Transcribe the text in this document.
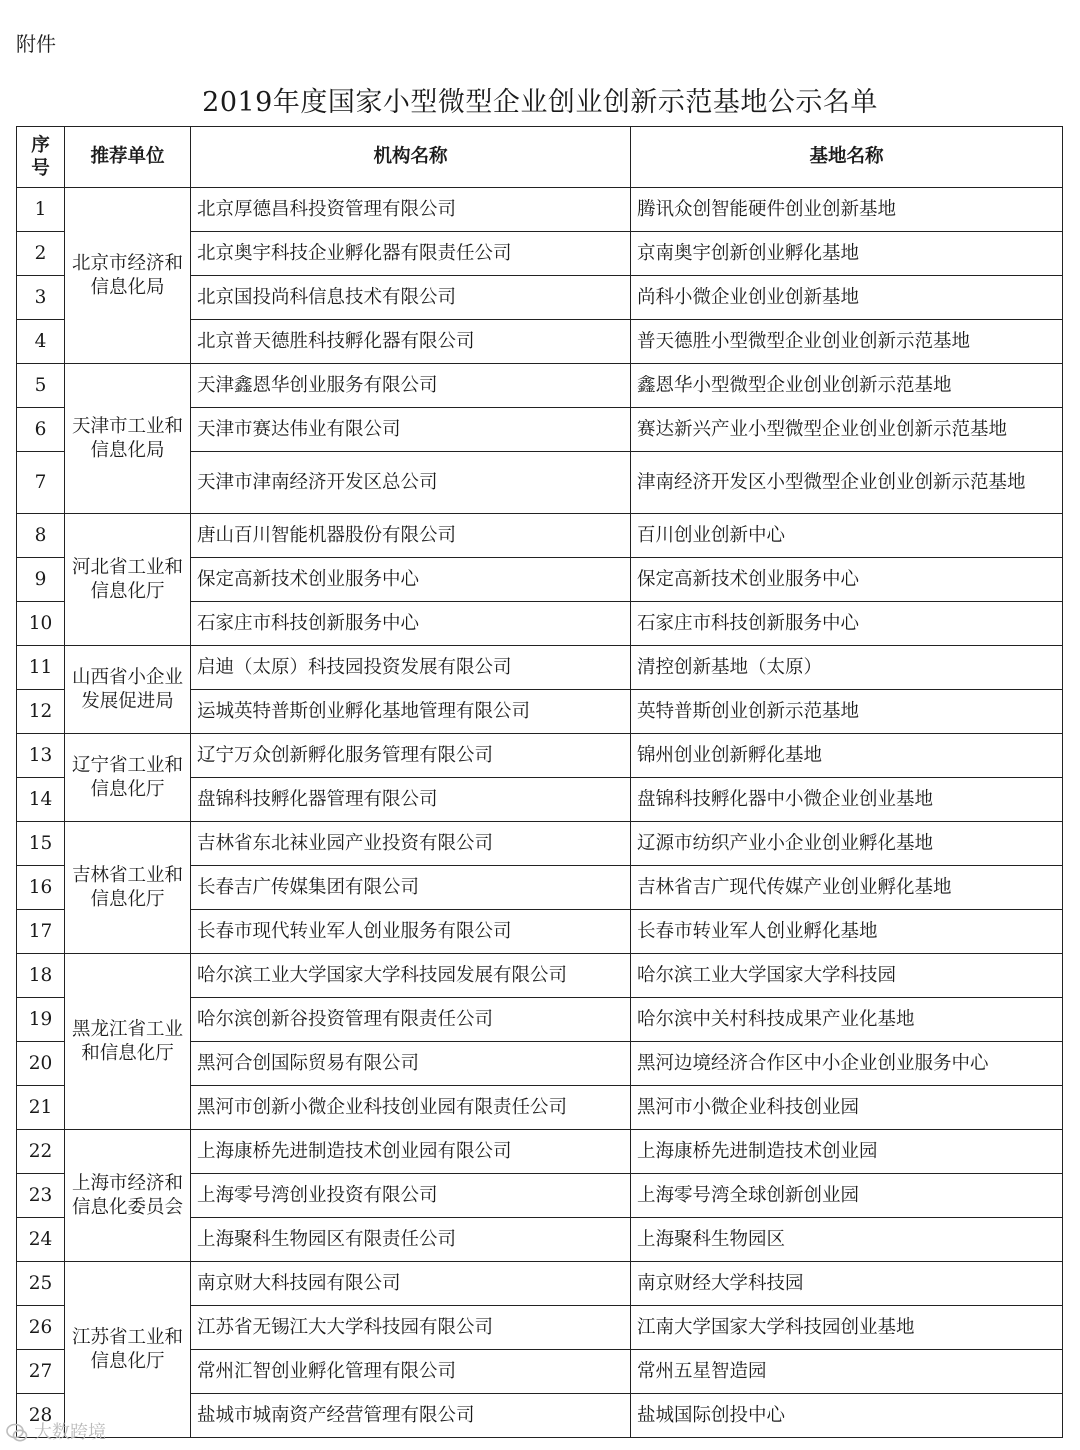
附件
2019年度国家小型微型企业创业创新示范基地公示名单
序号	推荐单位	机构名称	基地名称
1	北京市经济和信息化局	北京厚德昌科投资管理有限公司	腾讯众创智能硬件创业创新基地
2		北京奥宇科技企业孵化器有限责任公司	京南奥宇创新创业孵化基地
3		北京国投尚科信息技术有限公司	尚科小微企业创业创新基地
4		北京普天德胜科技孵化器有限公司	普天德胜小型微型企业创业创新示范基地
5	天津市工业和信息化局	天津鑫恩华创业服务有限公司	鑫恩华小型微型企业创业创新示范基地
6		天津市赛达伟业有限公司	赛达新兴产业小型微型企业创业创新示范基地
7		天津市津南经济开发区总公司	津南经济开发区小型微型企业创业创新示范基地
8	河北省工业和信息化厅	唐山百川智能机器股份有限公司	百川创业创新中心
9		保定高新技术创业服务中心	保定高新技术创业服务中心
10		石家庄市科技创新服务中心	石家庄市科技创新服务中心
11	山西省小企业发展促进局	启迪（太原）科技园投资发展有限公司	清控创新基地（太原）
12		运城英特普斯创业孵化基地管理有限公司	英特普斯创业创新示范基地
13	辽宁省工业和信息化厅	辽宁万众创新孵化服务管理有限公司	锦州创业创新孵化基地
14		盘锦科技孵化器管理有限公司	盘锦科技孵化器中小微企业创业基地
15	吉林省工业和信息化厅	吉林省东北袜业园产业投资有限公司	辽源市纺织产业小企业创业孵化基地
16		长春吉广传媒集团有限公司	吉林省吉广现代传媒产业创业孵化基地
17		长春市现代转业军人创业服务有限公司	长春市转业军人创业孵化基地
18	黑龙江省工业和信息化厅	哈尔滨工业大学国家大学科技园发展有限公司	哈尔滨工业大学国家大学科技园
19		哈尔滨创新谷投资管理有限责任公司	哈尔滨中关村科技成果产业化基地
20		黑河合创国际贸易有限公司	黑河边境经济合作区中小企业创业服务中心
21		黑河市创新小微企业科技创业园有限责任公司	黑河市小微企业科技创业园
22	上海市经济和信息化委员会	上海康桥先进制造技术创业园有限公司	上海康桥先进制造技术创业园
23		上海零号湾创业投资有限公司	上海零号湾全球创新创业园
24		上海聚科生物园区有限责任公司	上海聚科生物园区
25	江苏省工业和信息化厅	南京财大科技园有限公司	南京财经大学科技园
26		江苏省无锡江大大学科技园有限公司	江南大学国家大学科技园创业基地
27		常州汇智创业孵化管理有限公司	常州五星智造园
28		盐城市城南资产经营管理有限公司	盐城国际创投中心
大数跨境
